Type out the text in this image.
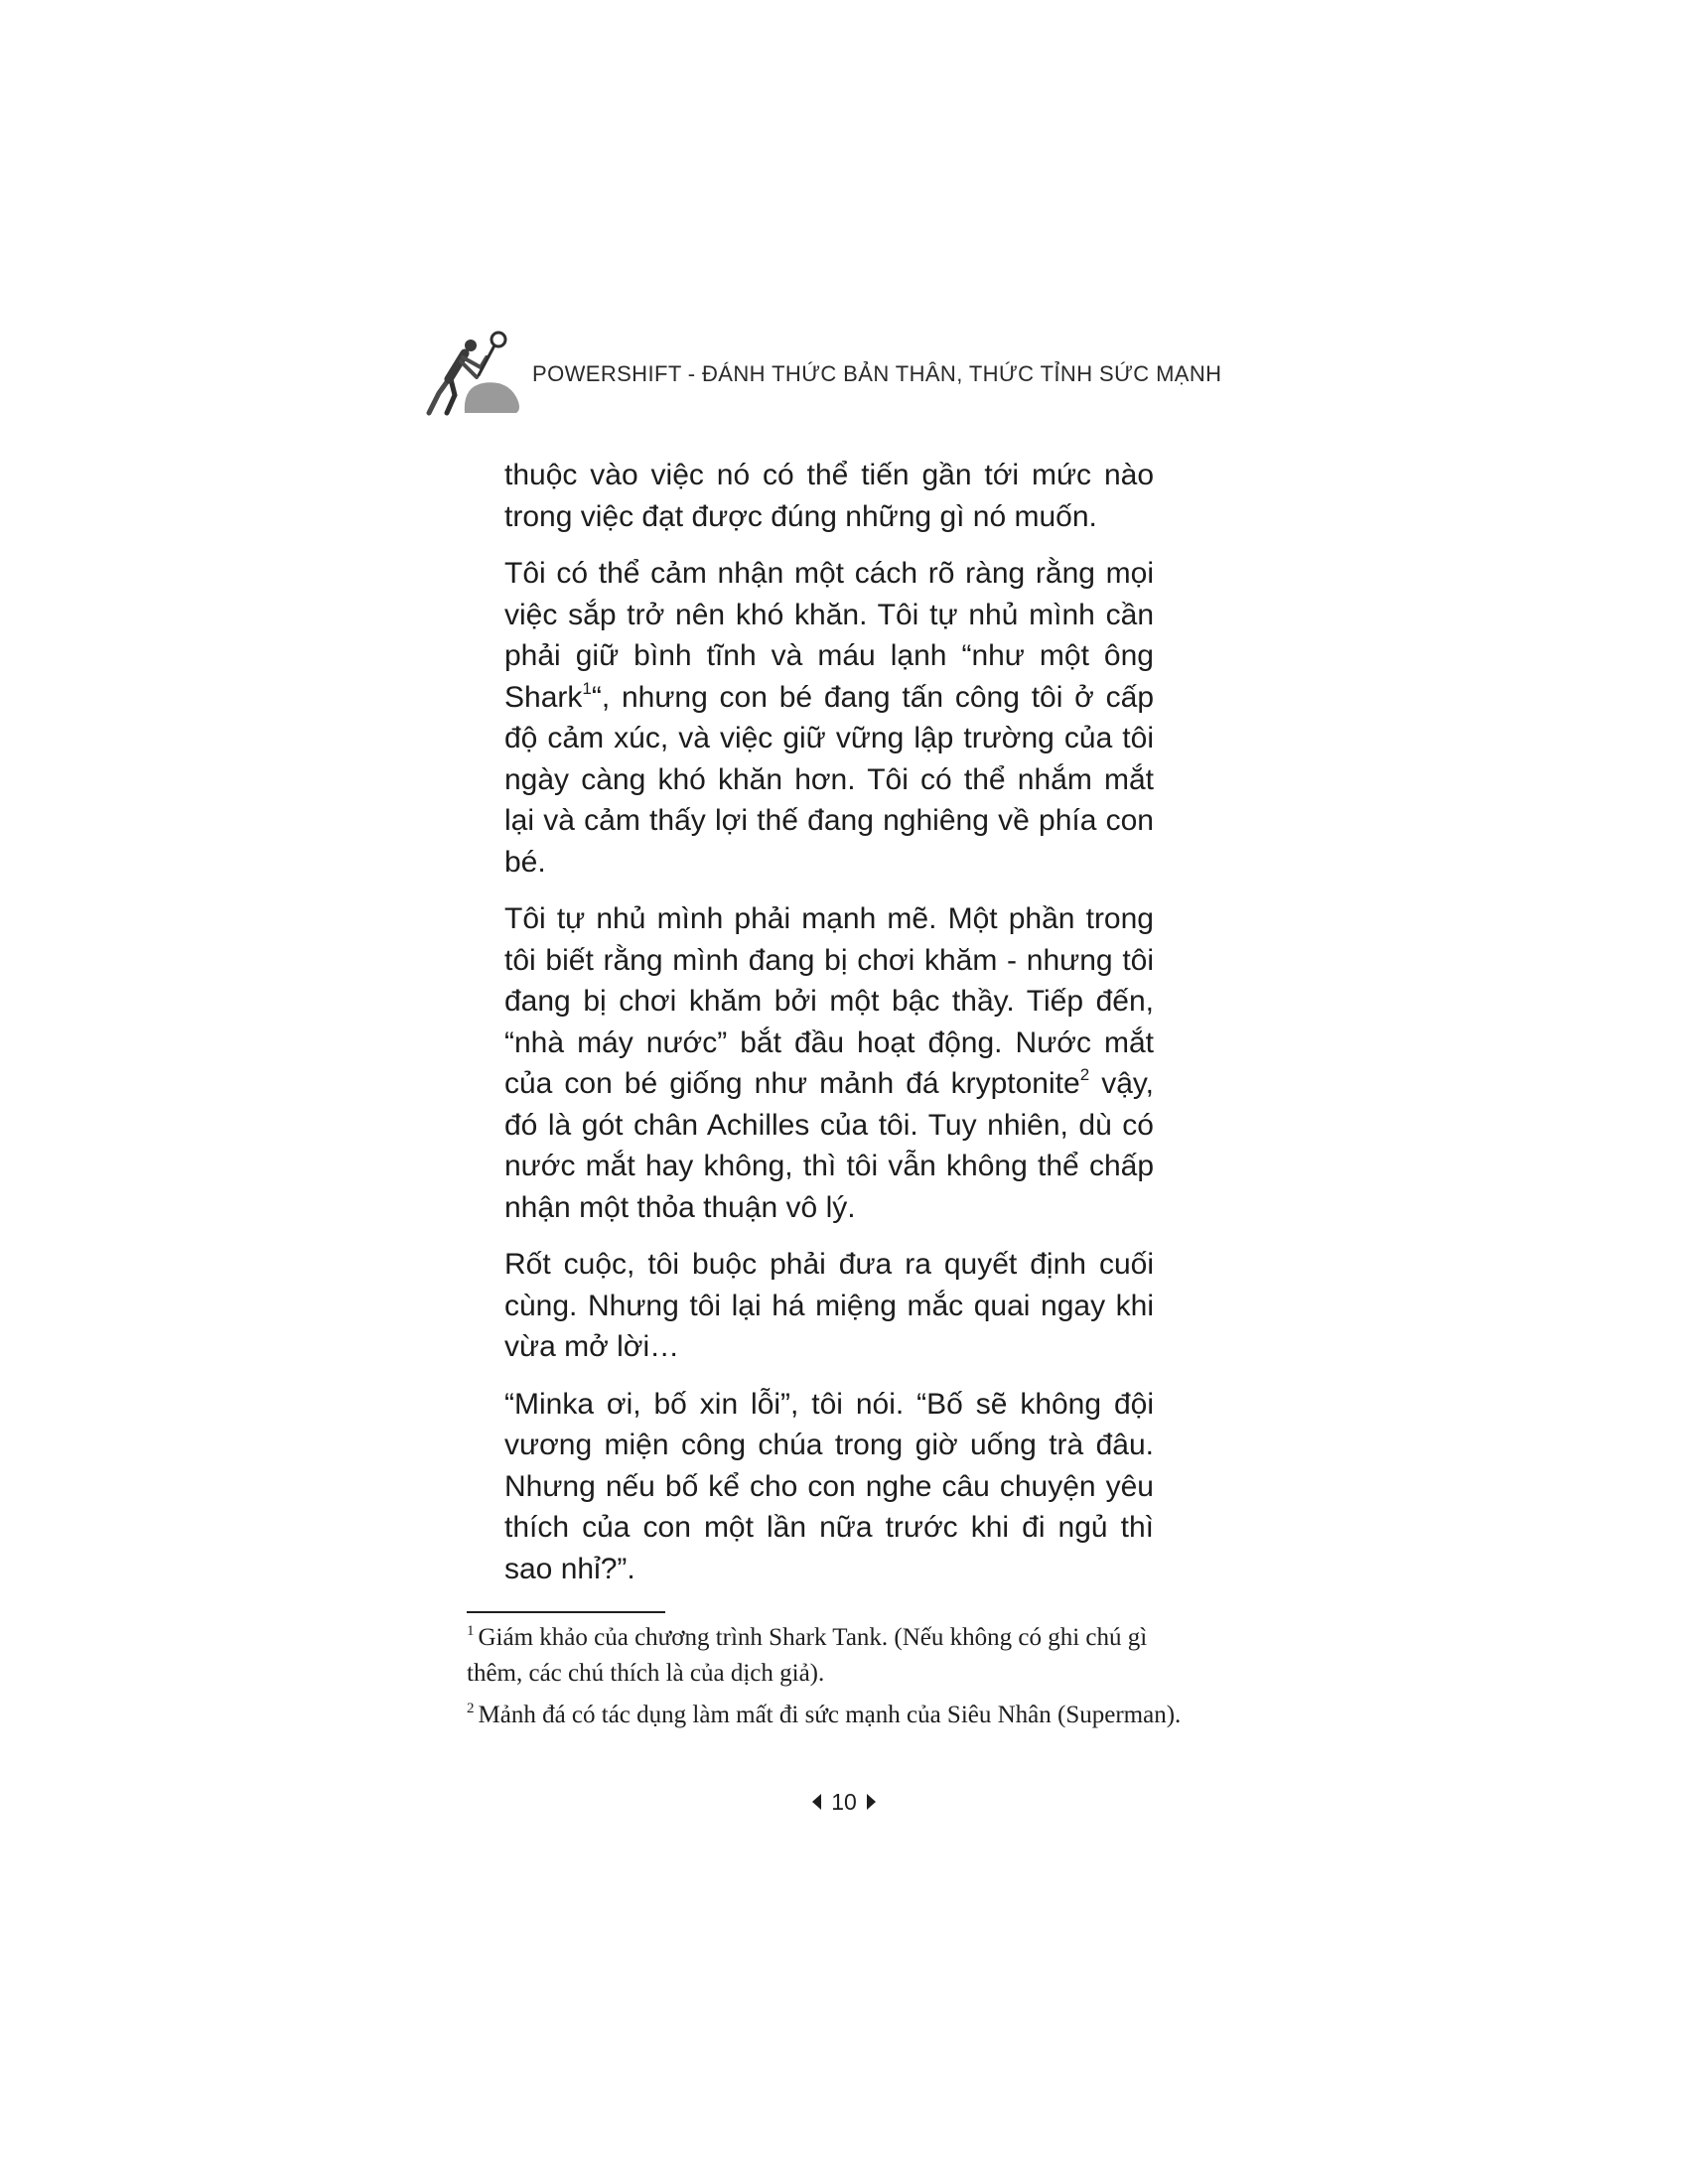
POWERSHIFT - ĐÁNH THỨC BẢN THÂN, THỨC TỈNH SỨC MẠNH

thuộc vào việc nó có thể tiến gần tới mức nào trong việc đạt được đúng những gì nó muốn.

Tôi có thể cảm nhận một cách rõ ràng rằng mọi việc sắp trở nên khó khăn. Tôi tự nhủ mình cần phải giữ bình tĩnh và máu lạnh “như một ông Shark$^1$“, nhưng con bé đang tấn công tôi ở cấp độ cảm xúc, và việc giữ vững lập trường của tôi ngày càng khó khăn hơn. Tôi có thể nhắm mắt lại và cảm thấy lợi thế đang nghiêng về phía con bé.

Tôi tự nhủ mình phải mạnh mẽ. Một phần trong tôi biết rằng mình đang bị chơi khăm - nhưng tôi đang bị chơi khăm bởi một bậc thầy. Tiếp đến, “nhà máy nước” bắt đầu hoạt động. Nước mắt của con bé giống như mảnh đá kryptonite$^2$ vậy, đó là gót chân Achilles của tôi. Tuy nhiên, dù có nước mắt hay không, thì tôi vẫn không thể chấp nhận một thỏa thuận vô lý.

Rốt cuộc, tôi buộc phải đưa ra quyết định cuối cùng. Nhưng tôi lại há miệng mắc quai ngay khi vừa mở lời…

“Minka ơi, bố xin lỗi”, tôi nói. “Bố sẽ không đội vương miện công chúa trong giờ uống trà đâu. Nhưng nếu bố kể cho con nghe câu chuyện yêu thích của con một lần nữa trước khi đi ngủ thì sao nhỉ?”.

$^1$ Giám khảo của chương trình Shark Tank. (Nếu không có ghi chú gì thêm, các chú thích là của dịch giả).

$^2$ Mảnh đá có tác dụng làm mất đi sức mạnh của Siêu Nhân (Superman).

10
